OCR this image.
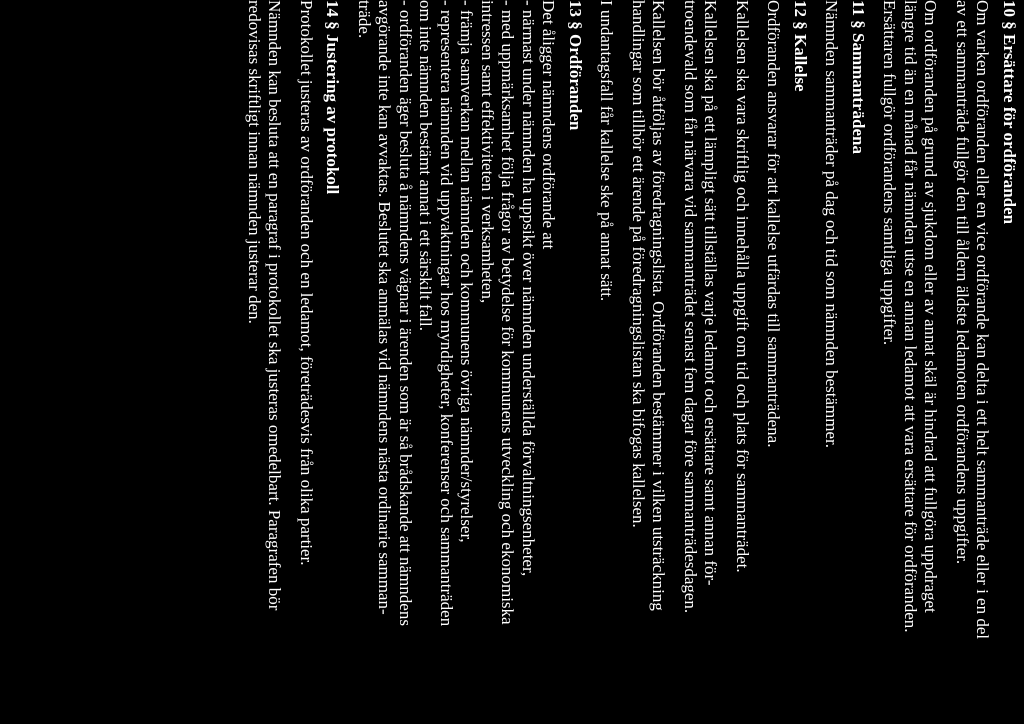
10 § Ersättare för ordföranden
Om varken ordföranden eller en vice ordförande kan delta i ett helt sammanträde eller i en del
av ett sammanträde fullgör den till åldern äldste ledamoten ordförandens uppgifter.
Om ordföranden på grund av sjukdom eller av annat skäl är hindrad att fullgöra uppdraget
längre tid än en månad får nämnden utse en annan ledamot att vara ersättare för ordföranden.
Ersättaren fullgör ordförandens samtliga uppgifter.
11 § Sammanträdena
Nämnden sammanträder på dag och tid som nämnden bestämmer.
12 § Kallelse
Ordföranden ansvarar för att kallelse utfärdas till sammanträdena.
Kallelsen ska vara skriftlig och innehålla uppgift om tid och plats för sammanträdet.
Kallelsen ska på ett lämpligt sätt tillställas varje ledamot och ersättare samt annan för-
troendevald som får närvara vid sammanträdet senast fem dagar före sammanträdesdagen.
Kallelsen bör åtföljas av föredragningslista. Ordföranden bestämmer i vilken utsträckning
handlingar som tillhör ett ärende på föredragningslistan ska bifogas kallelsen.
I undantagsfall får kallelse ske på annat sätt.
13 § Ordföranden
Det åligger nämndens ordförande att
- närmast under nämnden ha uppsikt över nämnden underställda förvaltningsenheter,
- med uppmärksamhet följa frågor av betydelse för kommunens utveckling och ekonomiska
intressen samt effektiviteten i verksamheten,
- främja samverkan mellan nämnden och kommunens övriga nämnder/styrelser,
- representera nämnden vid uppvaktningar hos myndigheter, konferenser och sammanträden
om inte nämnden bestämt annat i ett särskilt fall.
- ordföranden äger besluta å nämndens vägnar i ärenden som är så brådskande att nämndens
avgörande inte kan avvaktas. Beslutet ska anmälas vid nämndens nästa ordinarie samman-
träde.
14 § Justering av protokoll
Protokollet justeras av ordföranden och en ledamot, företrädesvis från olika partier.
Nämnden kan besluta att en paragraf i protokollet ska justeras omedelbart. Paragrafen bör
redovisas skriftligt innan nämnden justerar den.
